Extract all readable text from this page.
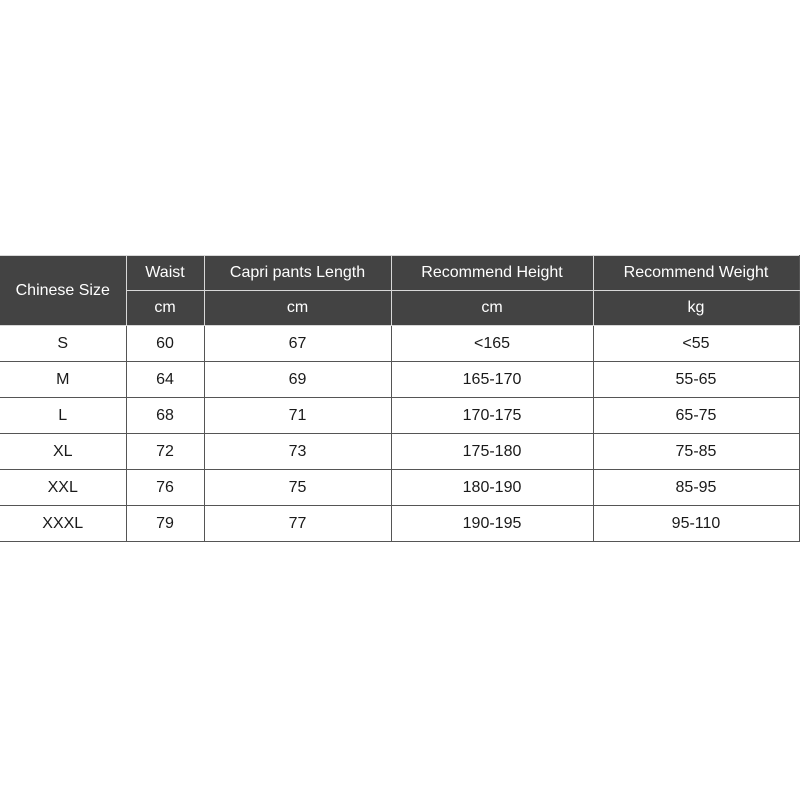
Chinese Size	Waist	Capri pants Length	Recommend Height	Recommend Weight
	cm	cm	cm	kg
S	60	67	<165	<55
M	64	69	165-170	55-65
L	68	71	170-175	65-75
XL	72	73	175-180	75-85
XXL	76	75	180-190	85-95
XXXL	79	77	190-195	95-110
